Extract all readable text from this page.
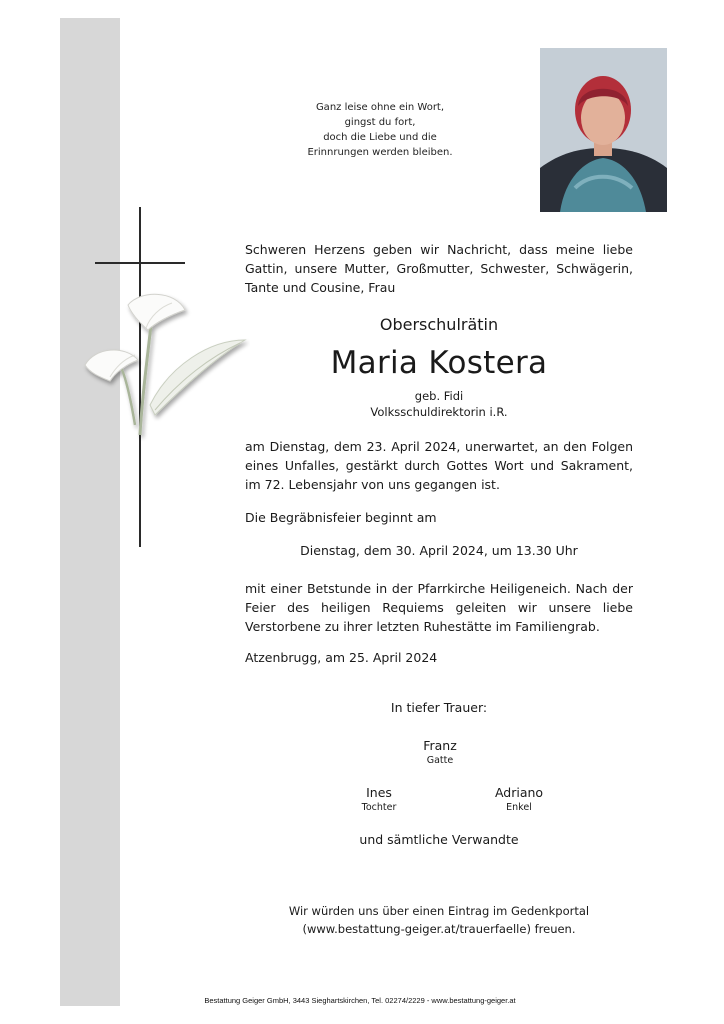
Ganz leise ohne ein Wort,
gingst du fort,
doch die Liebe und die
Erinnrungen werden bleiben.
Schweren Herzens geben wir Nachricht, dass meine liebe Gattin, unsere Mutter, Großmutter, Schwester, Schwägerin, Tante und Cousine, Frau
Oberschulrätin
Maria Kostera
geb. Fidi
Volksschuldirektorin i.R.
am Dienstag, dem 23. April 2024, unerwartet, an den Folgen eines Unfalles, gestärkt durch Gottes Wort und Sakrament, im 72. Lebensjahr von uns gegangen ist.
Die Begräbnisfeier beginnt am
Dienstag, dem 30. April 2024, um 13.30 Uhr
mit einer Betstunde in der Pfarrkirche Heiligeneich. Nach der Feier des heiligen Requiems geleiten wir unsere liebe Verstorbene zu ihrer letzten Ruhestätte im Familiengrab.
Atzenbrugg, am 25. April 2024
In tiefer Trauer:
Franz
Gatte
Ines
Tochter
Adriano
Enkel
und sämtliche Verwandte
Wir würden uns über einen Eintrag im Gedenkportal
(www.bestattung-geiger.at/trauerfaelle) freuen.
Bestattung Geiger GmbH, 3443 Sieghartskirchen, Tel. 02274/2229 - www.bestattung-geiger.at
